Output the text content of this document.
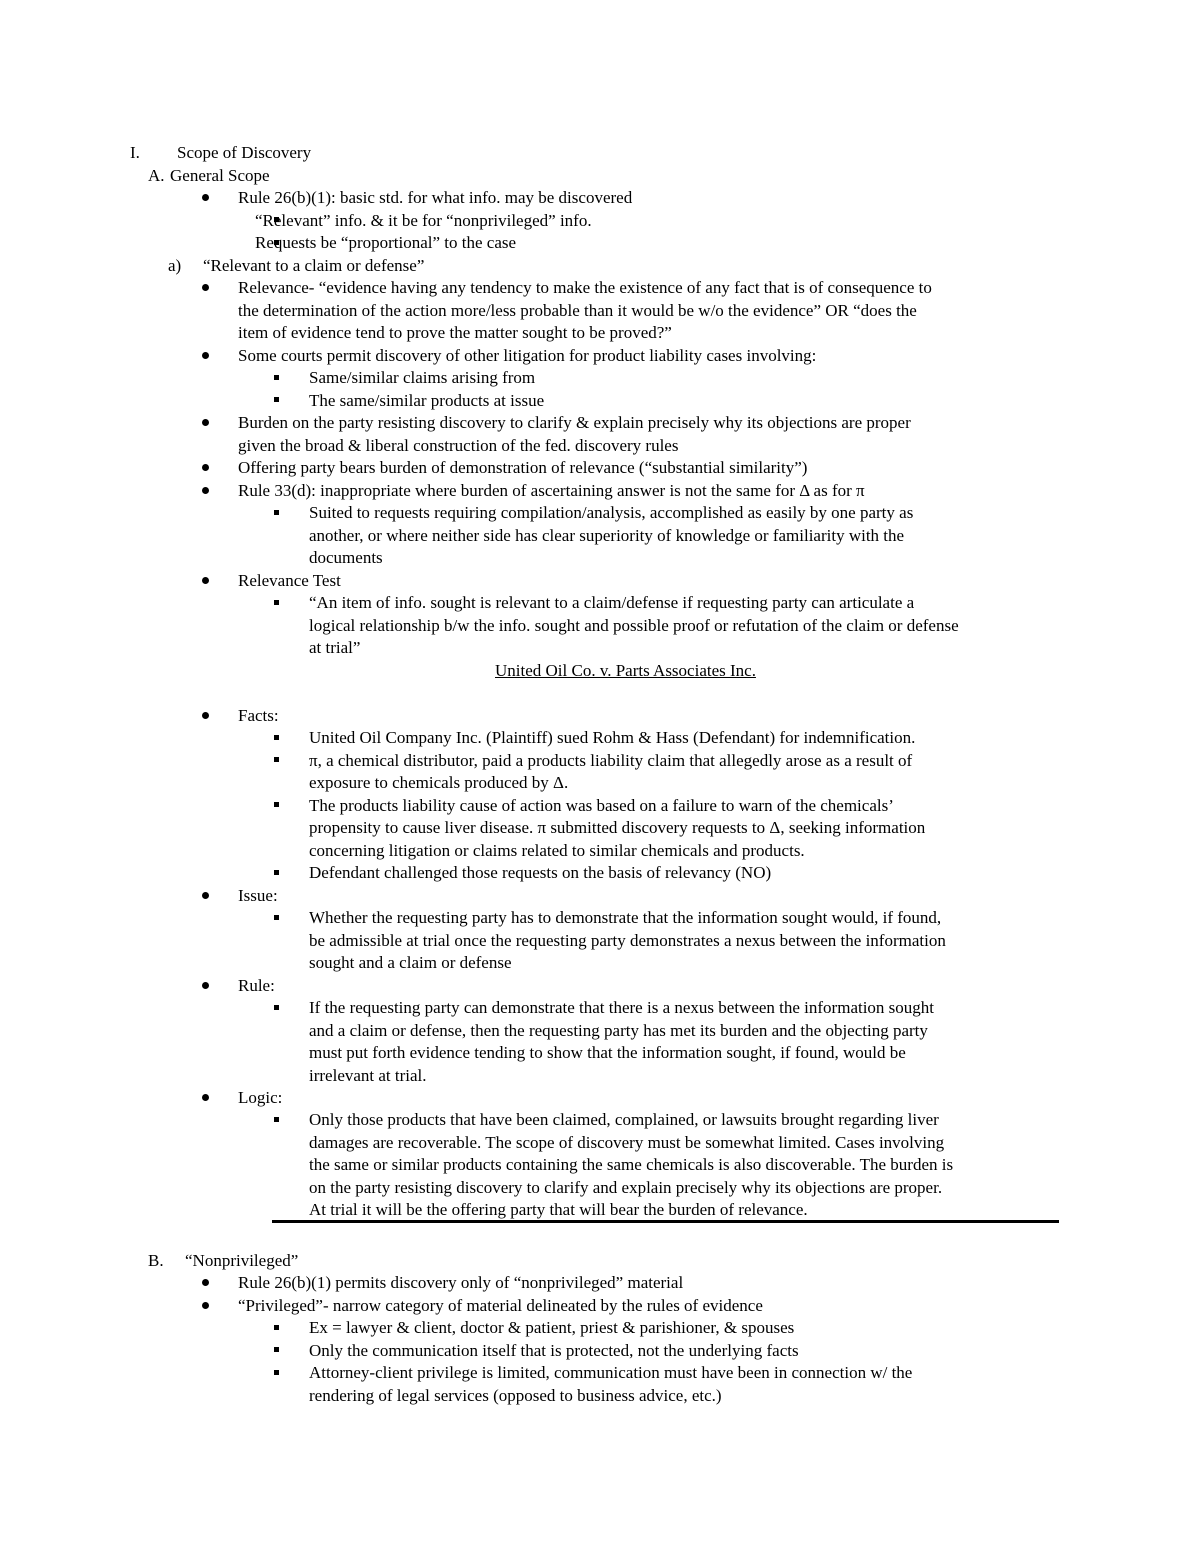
I. Scope of Discovery
A. General Scope
Rule 26(b)(1): basic std. for what info. may be discovered
“Relevant” info. & it be for “nonprivileged” info.
Requests be “proportional” to the case
a) “Relevant to a claim or defense”
Relevance- “evidence having any tendency to make the existence of any fact that is of consequence to
the determination of the action more/less probable than it would be w/o the evidence” OR “does the
item of evidence tend to prove the matter sought to be proved?”
Some courts permit discovery of other litigation for product liability cases involving:
Same/similar claims arising from
The same/similar products at issue
Burden on the party resisting discovery to clarify & explain precisely why its objections are proper
given the broad & liberal construction of the fed. discovery rules
Offering party bears burden of demonstration of relevance (“substantial similarity”)
Rule 33(d): inappropriate where burden of ascertaining answer is not the same for Δ as for π
Suited to requests requiring compilation/analysis, accomplished as easily by one party as
another, or where neither side has clear superiority of knowledge or familiarity with the
documents
Relevance Test
“An item of info. sought is relevant to a claim/defense if requesting party can articulate a
logical relationship b/w the info. sought and possible proof or refutation of the claim or defense
at trial”
United Oil Co. v. Parts Associates Inc.
Facts:
United Oil Company Inc. (Plaintiff) sued Rohm & Hass (Defendant) for indemnification.
π, a chemical distributor, paid a products liability claim that allegedly arose as a result of
exposure to chemicals produced by Δ.
The products liability cause of action was based on a failure to warn of the chemicals’
propensity to cause liver disease. π submitted discovery requests to Δ, seeking information
concerning litigation or claims related to similar chemicals and products.
Defendant challenged those requests on the basis of relevancy (NO)
Issue:
Whether the requesting party has to demonstrate that the information sought would, if found,
be admissible at trial once the requesting party demonstrates a nexus between the information
sought and a claim or defense
Rule:
If the requesting party can demonstrate that there is a nexus between the information sought
and a claim or defense, then the requesting party has met its burden and the objecting party
must put forth evidence tending to show that the information sought, if found, would be
irrelevant at trial.
Logic:
Only those products that have been claimed, complained, or lawsuits brought regarding liver
damages are recoverable. The scope of discovery must be somewhat limited. Cases involving
the same or similar products containing the same chemicals is also discoverable. The burden is
on the party resisting discovery to clarify and explain precisely why its objections are proper.
At trial it will be the offering party that will bear the burden of relevance.
B. “Nonprivileged”
Rule 26(b)(1) permits discovery only of “nonprivileged” material
“Privileged”- narrow category of material delineated by the rules of evidence
Ex = lawyer & client, doctor & patient, priest & parishioner, & spouses
Only the communication itself that is protected, not the underlying facts
Attorney-client privilege is limited, communication must have been in connection w/ the
rendering of legal services (opposed to business advice, etc.)
